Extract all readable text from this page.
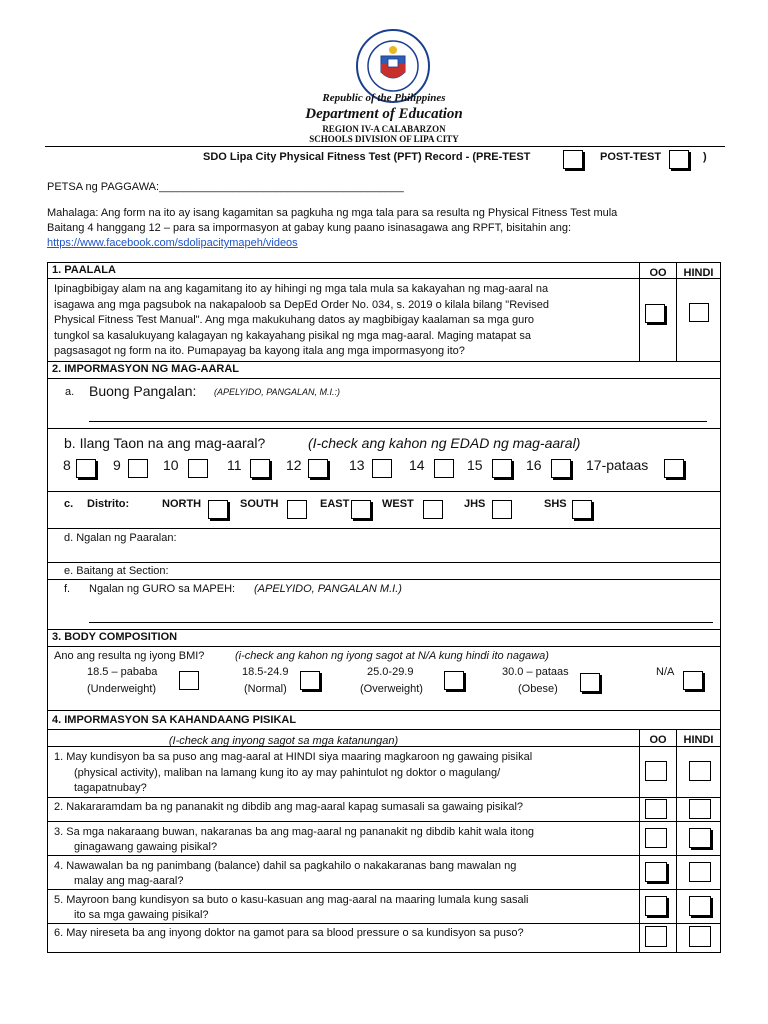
Republic of the Philippines
Department of Education
REGION IV-A CALABARZON
SCHOOLS DIVISION OF LIPA CITY
SDO Lipa City Physical Fitness Test (PFT) Record - (PRE-TEST	POST-TEST	)
PETSA ng PAGGAWA:________________________________________
Mahalaga: Ang form na ito ay isang kagamitan sa pagkuha ng mga tala para sa resulta ng Physical Fitness Test mula
Baitang 4 hanggang 12 – para sa impormasyon at gabay kung paano isinasagawa ang RPFT, bisitahin ang:
https://www.facebook.com/sdolipacitymapeh/videos
1. PAALALA	OO	HINDI
Ipinagbibigay alam na ang kagamitang ito ay hihingi ng mga tala mula sa kakayahan ng mag-aaral na
isagawa ang mga pagsubok na nakapaloob sa DepEd Order No. 034, s. 2019 o kilala bilang "Revised
Physical Fitness Test Manual". Ang mga makukuhang datos ay magbibigay kaalaman sa mga guro
tungkol sa kasalukuyang kalagayan ng kakayahang pisikal ng mga mag-aaral. Maging matapat sa
pagsasagot ng form na ito. Pumapayag ba kayong itala ang mga impormasyong ito?
2. IMPORMASYON NG MAG-AARAL
a. Buong Pangalan: (APELYIDO, PANGALAN, M.I.:)
b. Ilang Taon na ang mag-aaral?	(I-check ang kahon ng EDAD ng mag-aaral)
8	9	10	11	12	13	14	15	16	17-pataas
c. Distrito:	NORTH	SOUTH	EAST	WEST	JHS	SHS
d. Ngalan ng Paaralan:
e. Baitang at Section:
f. Ngalan ng GURO sa MAPEH: (APELYIDO, PANGALAN M.I.)
3. BODY COMPOSITION
Ano ang resulta ng iyong BMI?	(i-check ang kahon ng iyong sagot at N/A kung hindi ito nagawa)
18.5 – pababa
(Underweight)
18.5-24.9
(Normal)
25.0-29.9
(Overweight)
30.0 – pataas
(Obese)
N/A
4. IMPORMASYON SA KAHANDAANG PISIKAL
(I-check ang inyong sagot sa mga katanungan)	OO	HINDI
1. May kundisyon ba sa puso ang mag-aaral at HINDI siya maaring magkaroon ng gawaing pisikal
(physical activity), maliban na lamang kung ito ay may pahintulot ng doktor o magulang/
tagapatnubay?
2. Nakararamdam ba ng pananakit ng dibdib ang mag-aaral kapag sumasali sa gawaing pisikal?
3. Sa mga nakaraang buwan, nakaranas ba ang mag-aaral ng pananakit ng dibdib kahit wala itong
ginagawang gawaing pisikal?
4. Nawawalan ba ng panimbang (balance) dahil sa pagkahilo o nakakaranas bang mawalan ng
malay ang mag-aaral?
5. Mayroon bang kundisyon sa buto o kasu-kasuan ang mag-aaral na maaring lumala kung sasali
ito sa mga gawaing pisikal?
6. May nireseta ba ang inyong doktor na gamot para sa blood pressure o sa kundisyon sa puso?
